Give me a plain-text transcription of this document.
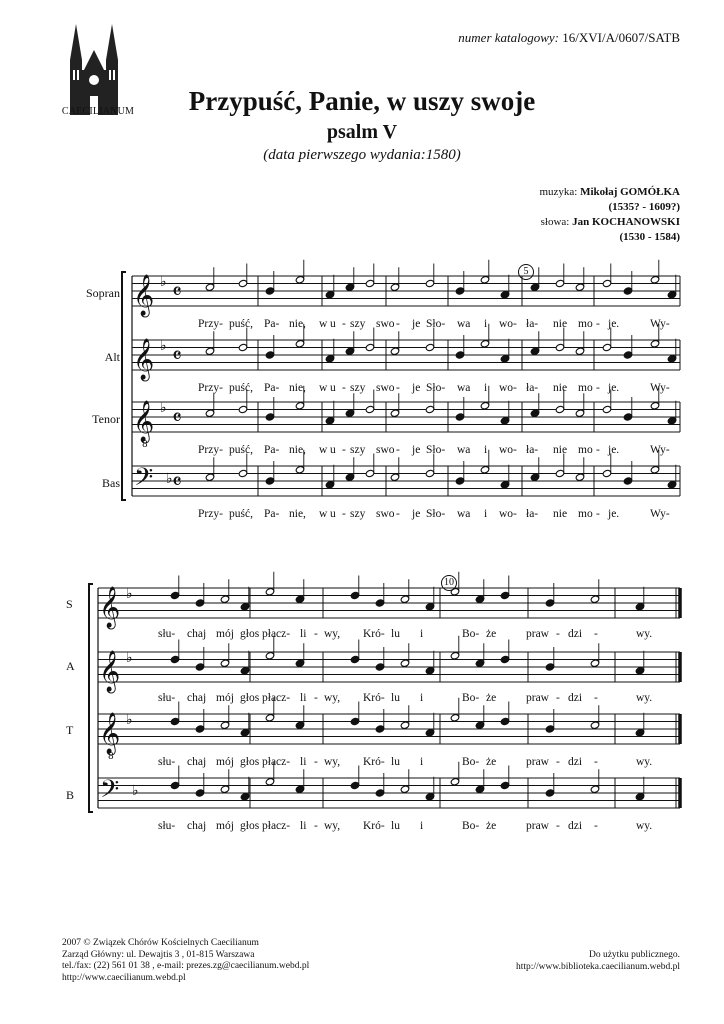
numer katalogowy: 16/XVI/A/0607/SATB
CAECILIANUM	Przypuść, Panie, w uszy swoje
psalm V
(data pierwszego wydania:1580)
muzyka: Mikołaj GOMÓŁKA
(1535? - 1609?)
słowa: Jan KOCHANOWSKI
(1530 - 1584)
𝄞 ♭ 𝄴
𝄞 ♭ 𝄴
𝄞 ♭
8
𝄴
𝄢 ♭ 𝄴
𝄞 ♭
𝄞 ♭
𝄞 ♭
8
𝄢 ♭
Sopran
Alt
Tenor
Bas
S
A
T
B
5
10
Przy- puść, Pa- nie, w u - szy swo - je Sło- wa i wo- ła- nie mo - je.	Wy-
Przy- puść, Pa- nie, w u - szy swo - je Sło- wa i wo- ła- nie mo - je.	Wy-
Przy- puść, Pa- nie, w u - szy swo - je Sło- wa i wo- ła- nie mo - je.	Wy-
Przy- puść, Pa- nie, w u - szy swo - je Sło- wa i wo- ła- nie mo - je.	Wy-
słu- chaj mój głos płacz- li - wy, Kró- lu i	Bo- że	praw - dzi -	wy.
słu- chaj mój głos płacz- li - wy, Kró- lu i	Bo- że	praw - dzi -	wy.
słu- chaj mój głos płacz- li - wy, Kró- lu i	Bo- że	praw - dzi -	wy.
słu- chaj mój głos płacz- li - wy, Kró- lu i	Bo- że	praw - dzi -	wy.
2007 © Związek Chórów Kościelnych Caecilianum
Zarząd Główny: ul. Dewajtis 3 , 01-815 Warszawa
tel./fax: (22) 561 01 38 , e-mail: prezes.zg@caecilianum.webd.pl
http://www.caecilianum.webd.pl
Do użytku publicznego.
http://www.biblioteka.caecilianum.webd.pl
